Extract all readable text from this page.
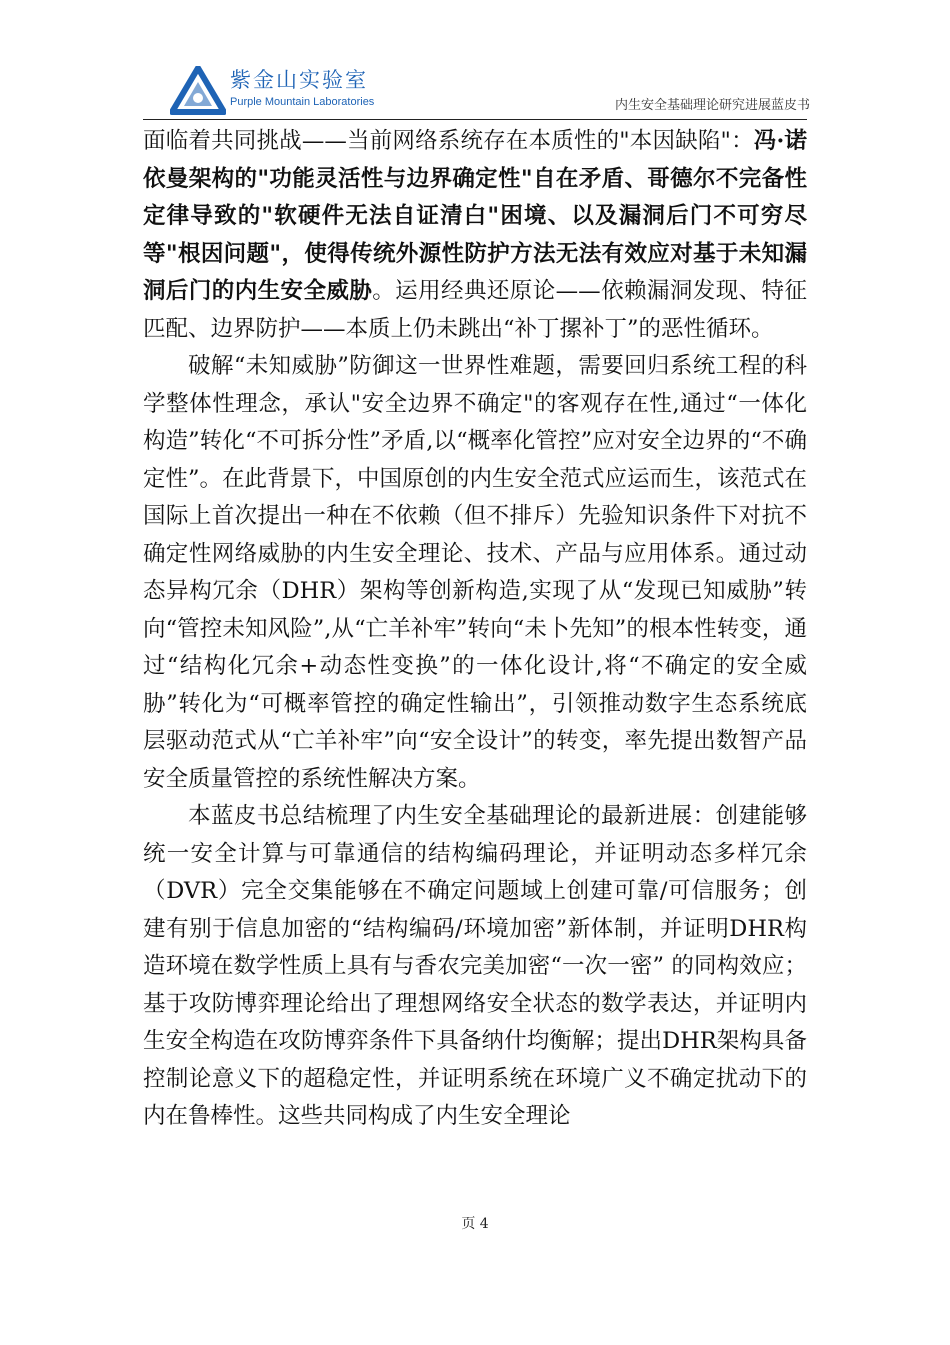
紫金山实验室
Purple Mountain Laboratories	内生安全基础理论研究进展蓝皮书

面临着共同挑战——当前网络系统存在本质性的"本因缺陷"：冯·诺依曼架构的"功能灵活性与边界确定性"自在矛盾、哥德尔不完备性定律导致的"软硬件无法自证清白"困境、以及漏洞后门不可穷尽等"根因问题"，使得传统外源性防护方法无法有效应对基于未知漏洞后门的内生安全威胁。运用经典还原论——依赖漏洞发现、特征匹配、边界防护——本质上仍未跳出“补丁摞补丁”的恶性循环。

破解“未知威胁”防御这一世界性难题，需要回归系统工程的科学整体性理念，承认"安全边界不确定"的客观存在性,通过“一体化构造”转化“不可拆分性”矛盾,以“概率化管控”应对安全边界的“不确定性”。在此背景下，中国原创的内生安全范式应运而生，该范式在国际上首次提出一种在不依赖（但不排斥）先验知识条件下对抗不确定性网络威胁的内生安全理论、技术、产品与应用体系。通过动态异构冗余（DHR）架构等创新构造,实现了从“发现已知威胁”转向“管控未知风险”,从“亡羊补牢”转向“未卜先知”的根本性转变，通过“结构化冗余+动态性变换”的一体化设计,将“不确定的安全威胁”转化为“可概率管控的确定性输出”，引领推动数字生态系统底层驱动范式从“亡羊补牢”向“安全设计”的转变，率先提出数智产品安全质量管控的系统性解决方案。

本蓝皮书总结梳理了内生安全基础理论的最新进展：创建能够统一安全计算与可靠通信的结构编码理论，并证明动态多样冗余（DVR）完全交集能够在不确定问题域上创建可靠/可信服务；创建有别于信息加密的“结构编码/环境加密”新体制，并证明DHR构造环境在数学性质上具有与香农完美加密“一次一密” 的同构效应；基于攻防博弈理论给出了理想网络安全状态的数学表达，并证明内生安全构造在攻防博弈条件下具备纳什均衡解；提出DHR架构具备控制论意义下的超稳定性，并证明系统在环境广义不确定扰动下的内在鲁棒性。这些共同构成了内生安全理论

页 4
